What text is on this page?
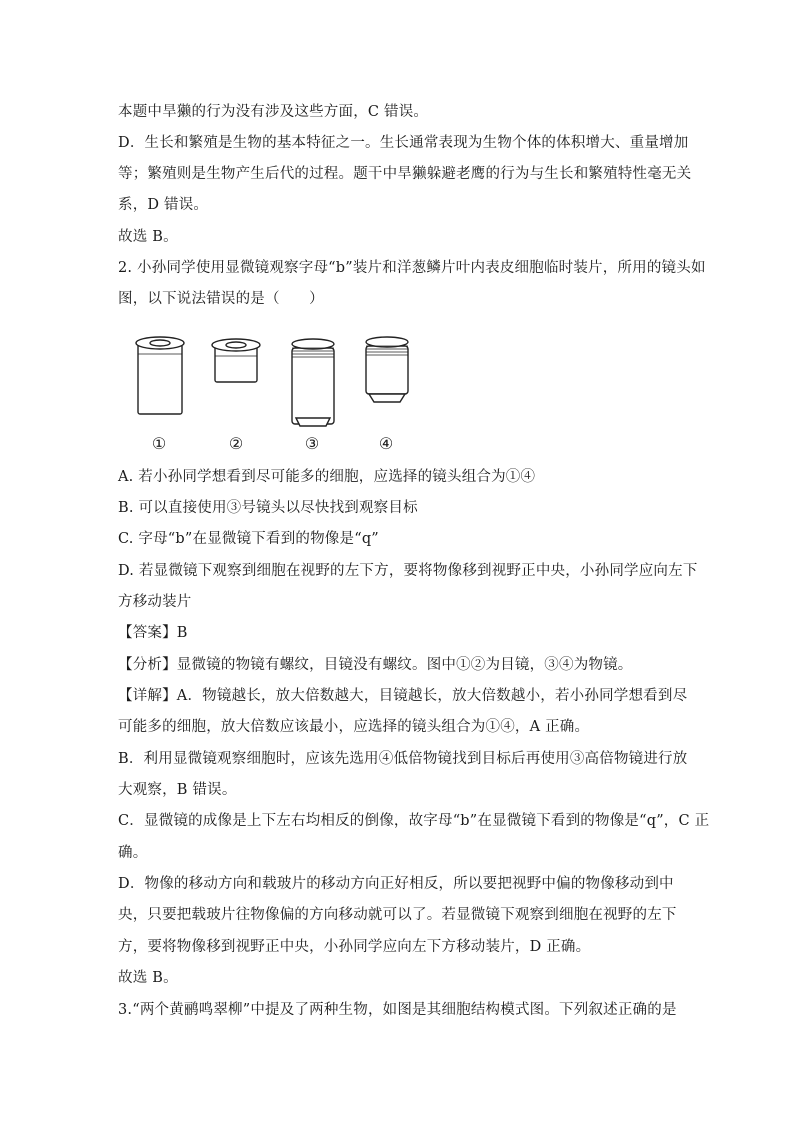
本题中旱獭的行为没有涉及这些方面，C 错误。
D．生长和繁殖是生物的基本特征之一。生长通常表现为生物个体的体积增大、重量增加
等；繁殖则是生物产生后代的过程。题干中旱獭躲避老鹰的行为与生长和繁殖特性毫无关
系，D 错误。
故选 B。
2. 小孙同学使用显微镜观察字母“b”装片和洋葱鳞片叶内表皮细胞临时装片，所用的镜头如
图，以下说法错误的是（　　）
①	②	③	④
A. 若小孙同学想看到尽可能多的细胞，应选择的镜头组合为①④
B. 可以直接使用③号镜头以尽快找到观察目标
C. 字母“b”在显微镜下看到的物像是“q”
D. 若显微镜下观察到细胞在视野的左下方，要将物像移到视野正中央，小孙同学应向左下
方移动装片
【答案】B
【分析】显微镜的物镜有螺纹，目镜没有螺纹。图中①②为目镜，③④为物镜。
【详解】A．物镜越长，放大倍数越大，目镜越长，放大倍数越小，若小孙同学想看到尽
可能多的细胞，放大倍数应该最小，应选择的镜头组合为①④，A 正确。
B．利用显微镜观察细胞时，应该先选用④低倍物镜找到目标后再使用③高倍物镜进行放
大观察，B 错误。
C．显微镜的成像是上下左右均相反的倒像，故字母“b”在显微镜下看到的物像是“q”，C 正
确。
D．物像的移动方向和载玻片的移动方向正好相反，所以要把视野中偏的物像移动到中
央，只要把载玻片往物像偏的方向移动就可以了。若显微镜下观察到细胞在视野的左下
方，要将物像移到视野正中央，小孙同学应向左下方移动装片，D 正确。
故选 B。
3.“两个黄鹂鸣翠柳”中提及了两种生物，如图是其细胞结构模式图。下列叙述正确的是
